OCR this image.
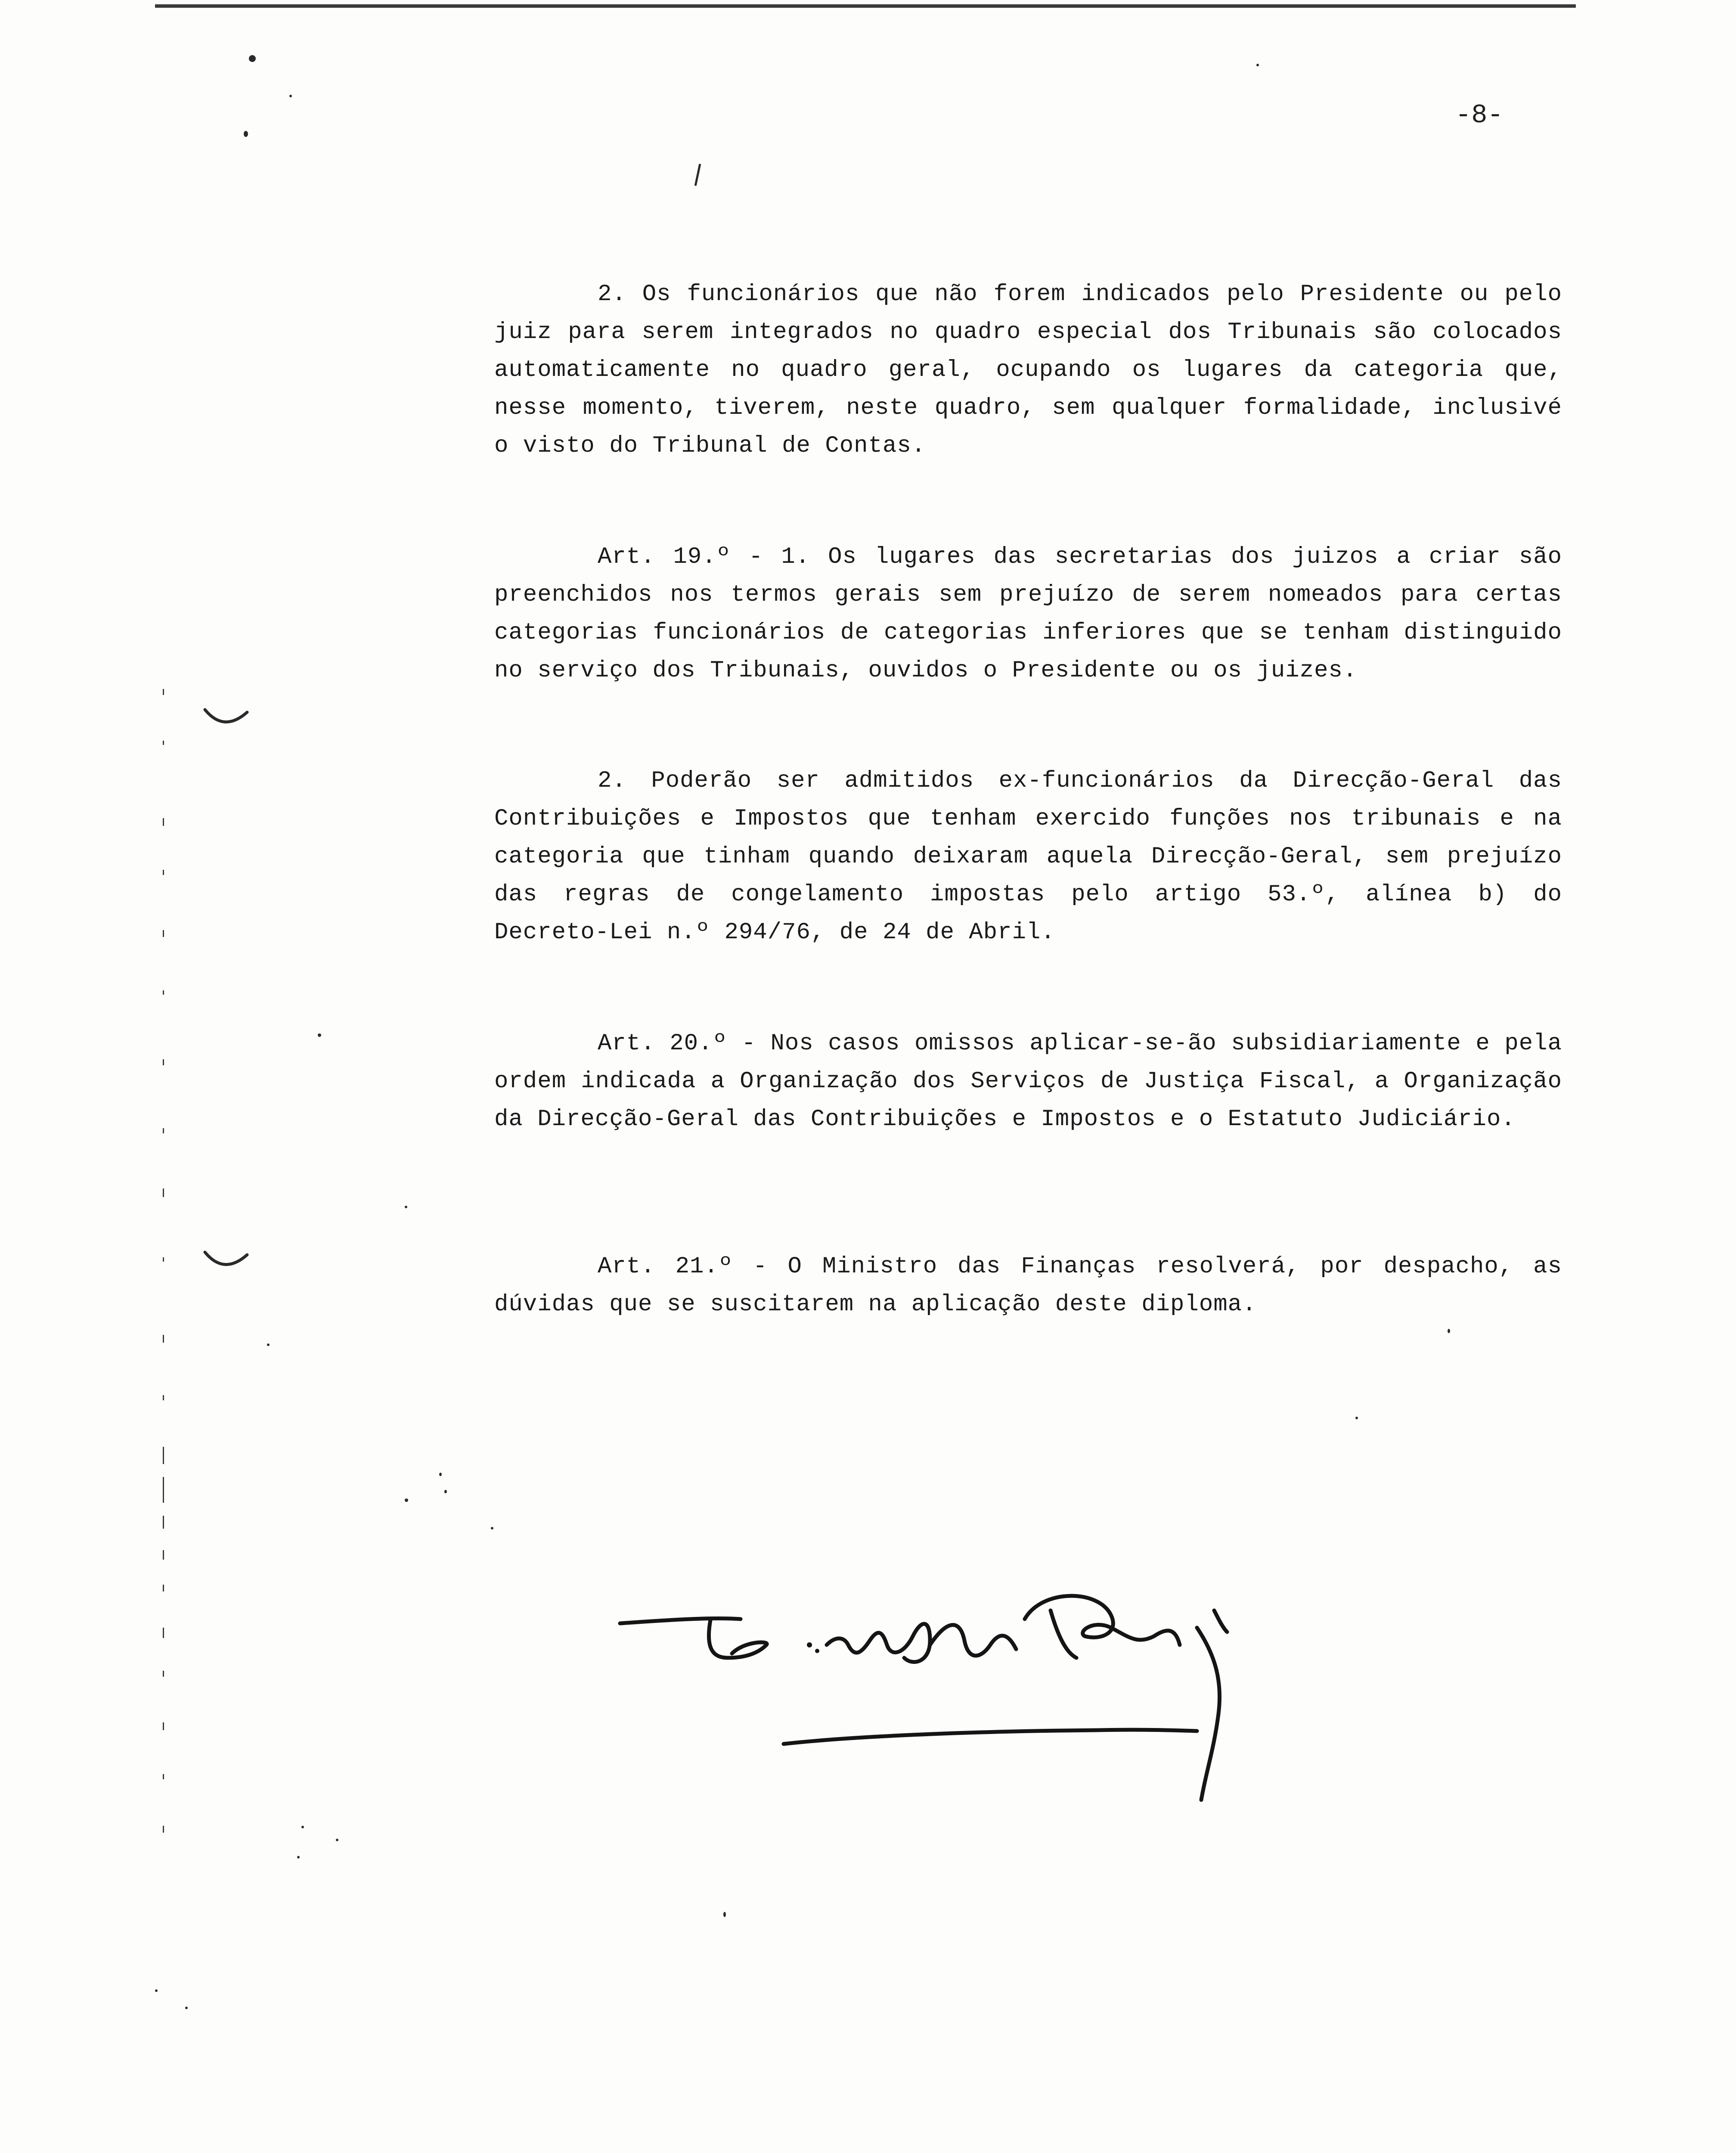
-8-

2. Os funcionários que não forem indicados pelo Presidente ou pelo juiz para serem integrados no quadro especial dos Tribunais são colocados automaticamente no quadro geral, ocupando os lugares da categoria que, nesse momento, tiverem, neste quadro, sem qualquer formalidade, inclusivé o visto do Tribunal de Contas.

Art. 19.º - 1. Os lugares das secretarias dos juizos a criar são preenchidos nos termos gerais sem prejuízo de serem nomeados para certas categorias funcionários de categorias inferiores que se tenham distinguido no serviço dos Tribunais, ouvidos o Presidente ou os juizes.

2. Poderão ser admitidos ex-funcionários da Direcção-Geral das Contribuições e Impostos que tenham exercido funções nos tribunais e na categoria que tinham quando deixaram aquela Direcção-Geral, sem prejuízo das regras de congelamento impostas pelo artigo 53.º, alínea b) do Decreto-Lei n.º 294/76, de 24 de Abril.

Art. 20.º - Nos casos omissos aplicar-se-ão subsidiariamente e pela ordem indicada a Organização dos Serviços de Justiça Fiscal, a Organização da Direcção-Geral das Contribuições e Impostos e o Estatuto Judiciário.

Art. 21.º - O Ministro das Finanças resolverá, por despacho, as dúvidas que se suscitarem na aplicação deste diploma.
